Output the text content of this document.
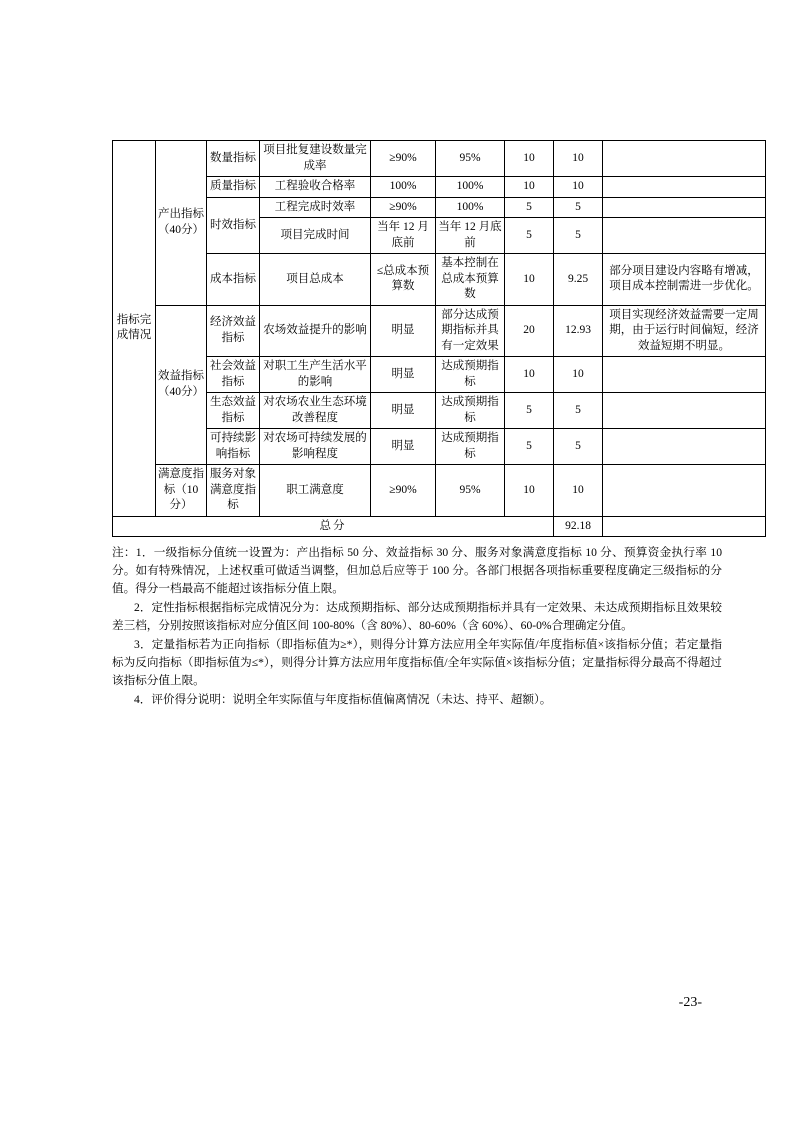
指标完成情况	产出指标（40分）	数量指标	项目批复建设数量完成率	≥90%	95%	10	10	
		质量指标	工程验收合格率	100%	100%	10	10	
		时效指标	工程完成时效率	≥90%	100%	5	5	
			项目完成时间	当年 12 月底前	当年 12 月底前	5	5	
		成本指标	项目总成本	≤总成本预算数	基本控制在总成本预算数	10	9.25	部分项目建设内容略有增减，项目成本控制需进一步优化。
	效益指标（40分）	经济效益指标	农场效益提升的影响	明显	部分达成预期指标并具有一定效果	20	12.93	项目实现经济效益需要一定周期，由于运行时间偏短，经济效益短期不明显。
		社会效益指标	对职工生产生活水平的影响	明显	达成预期指标	10	10	
		生态效益指标	对农场农业生态环境改善程度	明显	达成预期指标	5	5	
		可持续影响指标	对农场可持续发展的影响程度	明显	达成预期指标	5	5	
	满意度指标（10分）	服务对象满意度指标	职工满意度	≥90%	95%	10	10	
总分							92.18	

注：1．一级指标分值统一设置为：产出指标 50 分、效益指标 30 分、服务对象满意度指标 10 分、预算资金执行率 10 分。如有特殊情况，上述权重可做适当调整，但加总后应等于 100 分。各部门根据各项指标重要程度确定三级指标的分值。得分一档最高不能超过该指标分值上限。

2．定性指标根据指标完成情况分为：达成预期指标、部分达成预期指标并具有一定效果、未达成预期指标且效果较差三档，分别按照该指标对应分值区间 100-80%（含 80%）、80-60%（含 60%）、60-0%合理确定分值。

3．定量指标若为正向指标（即指标值为≥*），则得分计算方法应用全年实际值/年度指标值×该指标分值；若定量指标为反向指标（即指标值为≤*），则得分计算方法应用年度指标值/全年实际值×该指标分值；定量指标得分最高不得超过该指标分值上限。

4．评价得分说明：说明全年实际值与年度指标值偏离情况（未达、持平、超额）。

-23-
